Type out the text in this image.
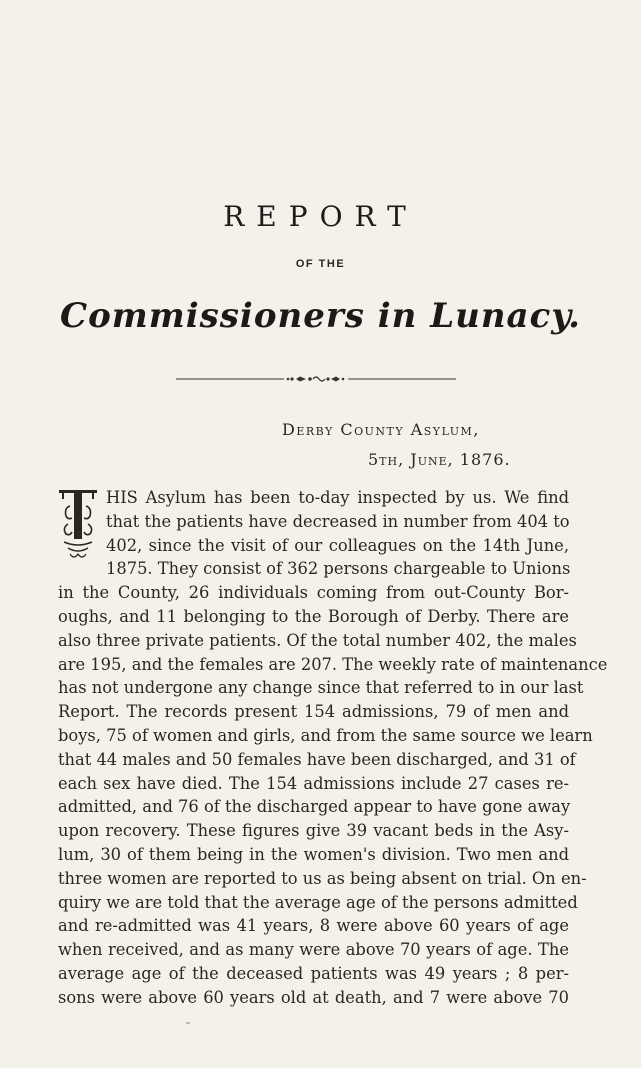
REPORT
OF THE
Commissioners in Lunacy.
Derby County Asylum,
5th, June, 1876.
HIS Asylum has been to-day inspected by us. We find
that the patients have decreased in number from 404 to
402, since the visit of our colleagues on the 14th June,
1875. They consist of 362 persons chargeable to Unions
in the County, 26 individuals coming from out-County Bor-
oughs, and 11 belonging to the Borough of Derby. There are
also three private patients. Of the total number 402, the males
are 195, and the females are 207. The weekly rate of maintenance
has not undergone any change since that referred to in our last
Report. The records present 154 admissions, 79 of men and
boys, 75 of women and girls, and from the same source we learn
that 44 males and 50 females have been discharged, and 31 of
each sex have died. The 154 admissions include 27 cases re-
admitted, and 76 of the discharged appear to have gone away
upon recovery. These figures give 39 vacant beds in the Asy-
lum, 30 of them being in the women's division. Two men and
three women are reported to us as being absent on trial. On en-
quiry we are told that the average age of the persons admitted
and re-admitted was 41 years, 8 were above 60 years of age
when received, and as many were above 70 years of age. The
average age of the deceased patients was 49 years ; 8 per-
sons were above 60 years old at death, and 7 were above 70
